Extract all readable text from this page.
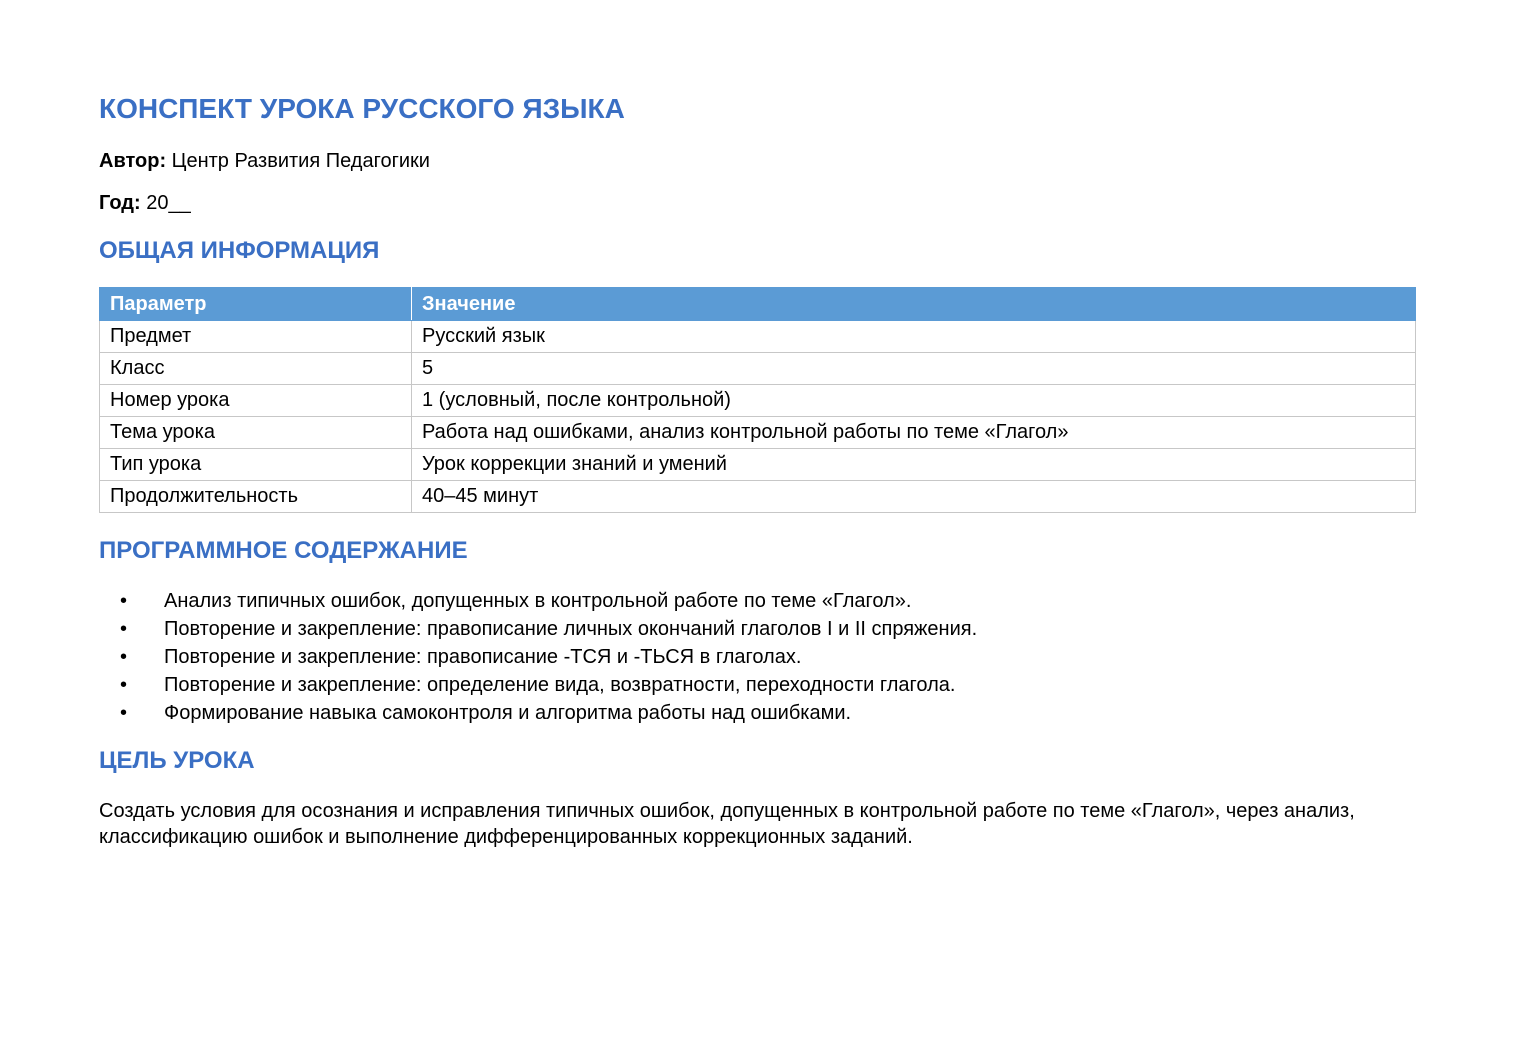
КОНСПЕКТ УРОКА РУССКОГО ЯЗЫКА

Автор: Центр Развития Педагогики

Год: 20__

ОБЩАЯ ИНФОРМАЦИЯ
Параметр	Значение
Предмет	Русский язык
Класс	5
Номер урока	1 (условный, после контрольной)
Тема урока	Работа над ошибками, анализ контрольной работы по теме «Глагол»
Тип урока	Урок коррекции знаний и умений
Продолжительность	40–45 минут
ПРОГРАММНОЕ СОДЕРЖАНИЕ
• Анализ типичных ошибок, допущенных в контрольной работе по теме «Глагол».
• Повторение и закрепление: правописание личных окончаний глаголов I и II спряжения.
• Повторение и закрепление: правописание -ТСЯ и -ТЬСЯ в глаголах.
• Повторение и закрепление: определение вида, возвратности, переходности глагола.
• Формирование навыка самоконтроля и алгоритма работы над ошибками.
ЦЕЛЬ УРОКА

Создать условия для осознания и исправления типичных ошибок, допущенных в контрольной работе по теме «Глагол», через анализ, классификацию ошибок и выполнение дифференцированных коррекционных заданий.
